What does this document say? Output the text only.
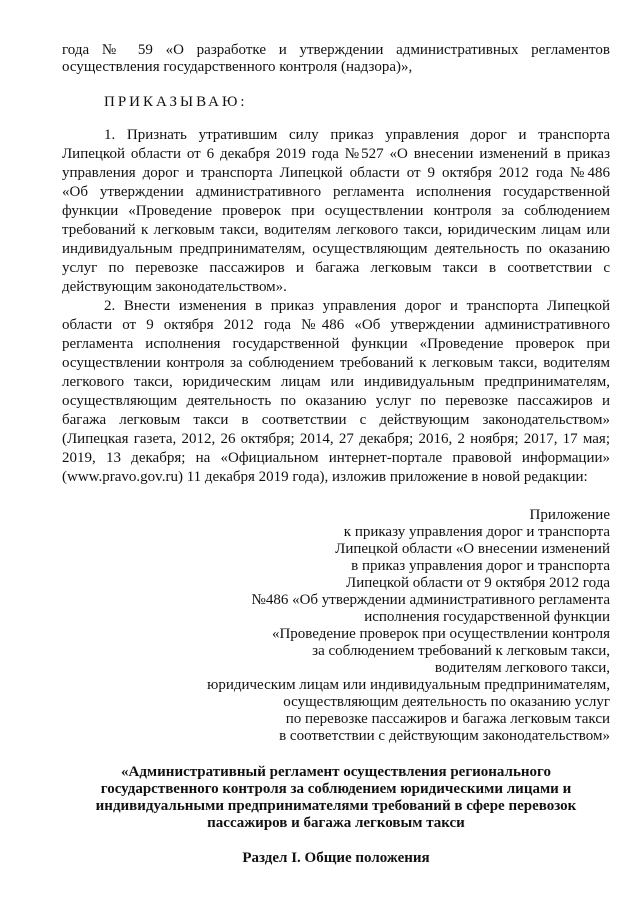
года № 59 «О разработке и утверждении административных регламентов
осуществления государственного контроля (надзора)»,
ПРИКАЗЫВАЮ:
1. Признать утратившим силу приказ управления дорог и транспорта
Липецкой области от 6 декабря 2019 года №527 «О внесении изменений в приказ
управления дорог и транспорта Липецкой области от 9 октября 2012 года №486
«Об утверждении административного регламента исполнения государственной
функции «Проведение проверок при осуществлении контроля за соблюдением
требований к легковым такси, водителям легкового такси, юридическим лицам или
индивидуальным предпринимателям, осуществляющим деятельность по оказанию
услуг по перевозке пассажиров и багажа легковым такси в соответствии с
действующим законодательством».
2. Внести изменения в приказ управления дорог и транспорта Липецкой
области от 9 октября 2012 года №486 «Об утверждении административного
регламента исполнения государственной функции «Проведение проверок при
осуществлении контроля за соблюдением требований к легковым такси, водителям
легкового такси, юридическим лицам или индивидуальным предпринимателям,
осуществляющим деятельность по оказанию услуг по перевозке пассажиров и
багажа легковым такси в соответствии с действующим законодательством»
(Липецкая газета, 2012, 26 октября; 2014, 27 декабря; 2016, 2 ноября; 2017, 17 мая;
2019, 13 декабря; на «Официальном интернет-портале правовой информации»
(www.pravo.gov.ru) 11 декабря 2019 года), изложив приложение в новой редакции:
Приложение
к приказу управления дорог и транспорта
Липецкой области «О внесении изменений
в приказ управления дорог и транспорта
Липецкой области от 9 октября 2012 года
№486 «Об утверждении административного регламента
исполнения государственной функции
«Проведение проверок при осуществлении контроля
за соблюдением требований к легковым такси,
водителям легкового такси,
юридическим лицам или индивидуальным предпринимателям,
осуществляющим деятельность по оказанию услуг
по перевозке пассажиров и багажа легковым такси
в соответствии с действующим законодательством»
«Административный регламент осуществления регионального
государственного контроля за соблюдением юридическими лицами и
индивидуальными предпринимателями требований в сфере перевозок
пассажиров и багажа легковым такси
Раздел I. Общие положения
